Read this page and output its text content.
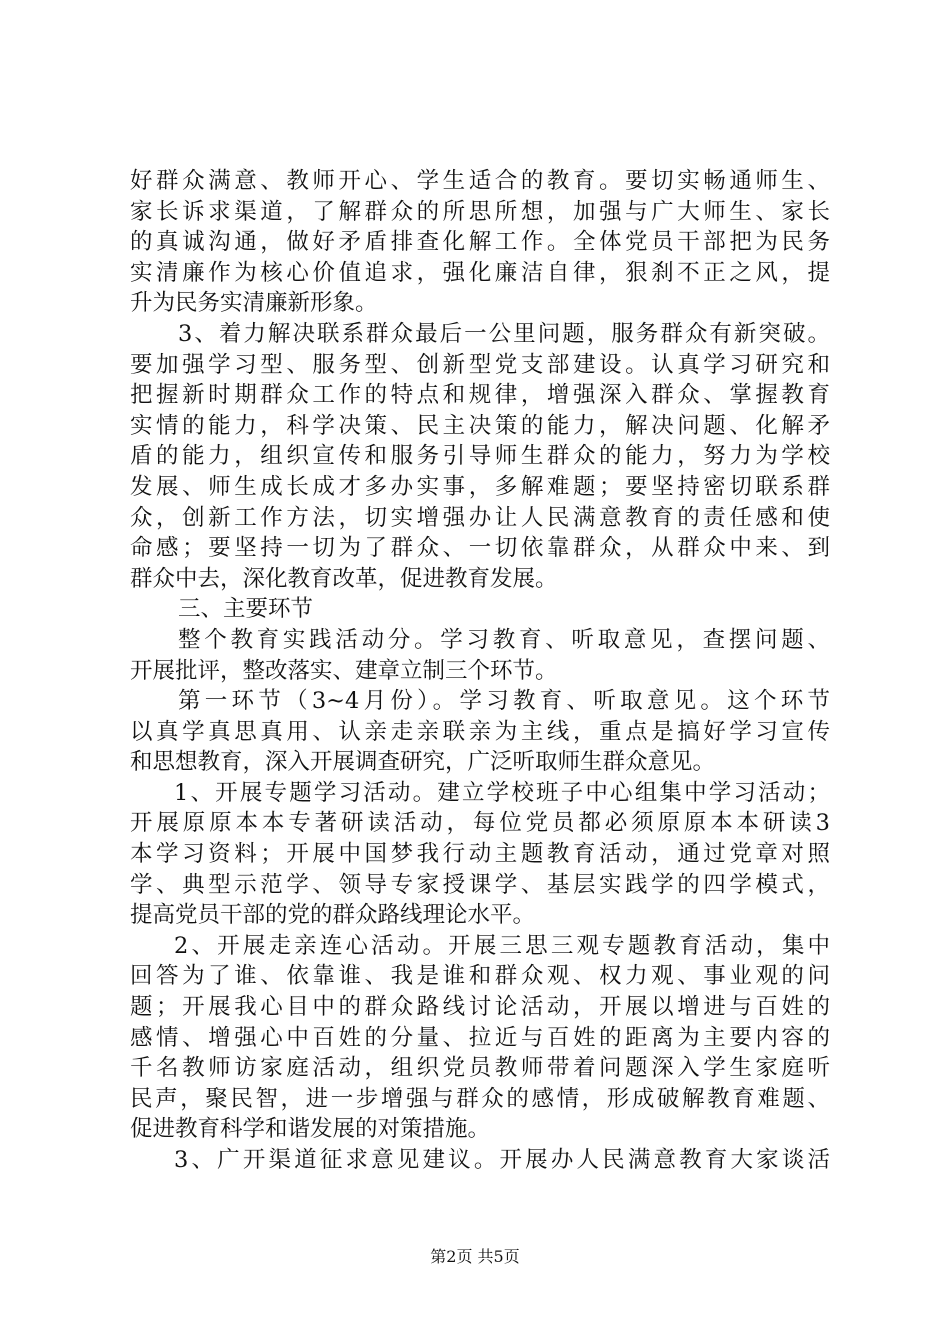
好群众满意、教师开心、学生适合的教育。要切实畅通师生、
家长诉求渠道，了解群众的所思所想，加强与广大师生、家长
的真诚沟通，做好矛盾排查化解工作。全体党员干部把为民务
实清廉作为核心价值追求，强化廉洁自律，狠刹不正之风，提
升为民务实清廉新形象。
3、着力解决联系群众最后一公里问题，服务群众有新突破。
要加强学习型、服务型、创新型党支部建设。认真学习研究和
把握新时期群众工作的特点和规律，增强深入群众、掌握教育
实情的能力，科学决策、民主决策的能力，解决问题、化解矛
盾的能力，组织宣传和服务引导师生群众的能力，努力为学校
发展、师生成长成才多办实事，多解难题；要坚持密切联系群
众，创新工作方法，切实增强办让人民满意教育的责任感和使
命感；要坚持一切为了群众、一切依靠群众，从群众中来、到
群众中去，深化教育改革，促进教育发展。
三、主要环节
整个教育实践活动分。学习教育、听取意见，查摆问题、
开展批评，整改落实、建章立制三个环节。
第一环节（3~4月份）。学习教育、听取意见。这个环节
以真学真思真用、认亲走亲联亲为主线，重点是搞好学习宣传
和思想教育，深入开展调查研究，广泛听取师生群众意见。
1、开展专题学习活动。建立学校班子中心组集中学习活动；
开展原原本本专著研读活动，每位党员都必须原原本本研读3
本学习资料；开展中国梦我行动主题教育活动，通过党章对照
学、典型示范学、领导专家授课学、基层实践学的四学模式，
提高党员干部的党的群众路线理论水平。
2、开展走亲连心活动。开展三思三观专题教育活动，集中
回答为了谁、依靠谁、我是谁和群众观、权力观、事业观的问
题；开展我心目中的群众路线讨论活动，开展以增进与百姓的
感情、增强心中百姓的分量、拉近与百姓的距离为主要内容的
千名教师访家庭活动，组织党员教师带着问题深入学生家庭听
民声，聚民智，进一步增强与群众的感情，形成破解教育难题、
促进教育科学和谐发展的对策措施。
3、广开渠道征求意见建议。开展办人民满意教育大家谈活
第2页 共5页
